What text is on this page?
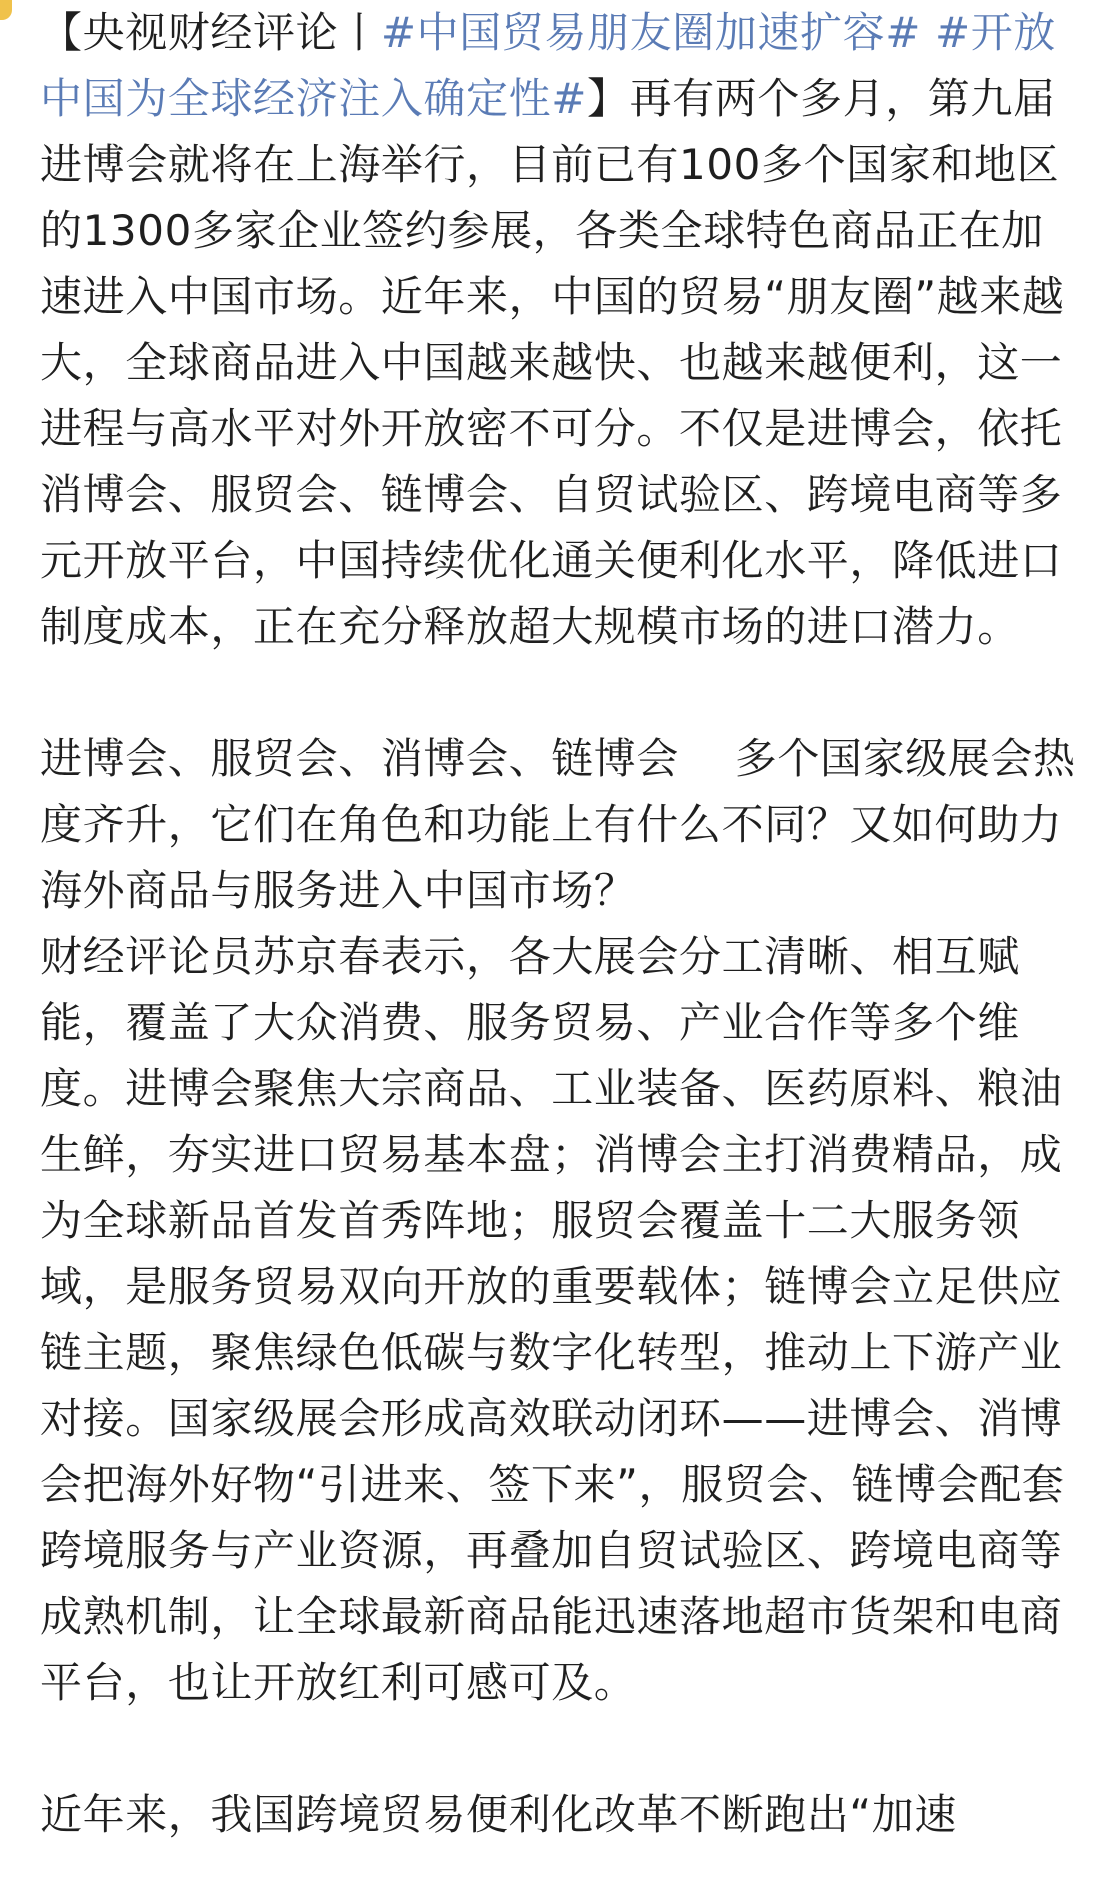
【央视财经评论丨#中国贸易朋友圈加速扩容# #开放中国为全球经济注入确定性#】再有两个多月，第九届进博会就将在上海举行，目前已有100多个国家和地区的1300多家企业签约参展，各类全球特色商品正在加速进入中国市场。近年来，中国的贸易“朋友圈”越来越大，全球商品进入中国越来越快、也越来越便利，这一进程与高水平对外开放密不可分。不仅是进博会，依托消博会、服贸会、链博会、自贸试验区、跨境电商等多元开放平台，中国持续优化通关便利化水平，降低进口制度成本，正在充分释放超大规模市场的进口潜力。

进博会、服贸会、消博会、链博会    多个国家级展会热度齐升，它们在角色和功能上有什么不同？又如何助力海外商品与服务进入中国市场？

财经评论员苏京春表示，各大展会分工清晰、相互赋能，覆盖了大众消费、服务贸易、产业合作等多个维度。进博会聚焦大宗商品、工业装备、医药原料、粮油生鲜，夯实进口贸易基本盘；消博会主打消费精品，成为全球新品首发首秀阵地；服贸会覆盖十二大服务领域，是服务贸易双向开放的重要载体；链博会立足供应链主题，聚焦绿色低碳与数字化转型，推动上下游产业对接。国家级展会形成高效联动闭环——进博会、消博会把海外好物“引进来、签下来”，服贸会、链博会配套跨境服务与产业资源，再叠加自贸试验区、跨境电商等成熟机制，让全球最新商品能迅速落地超市货架和电商平台，也让开放红利可感可及。

近年来，我国跨境贸易便利化改革不断跑出“加速
